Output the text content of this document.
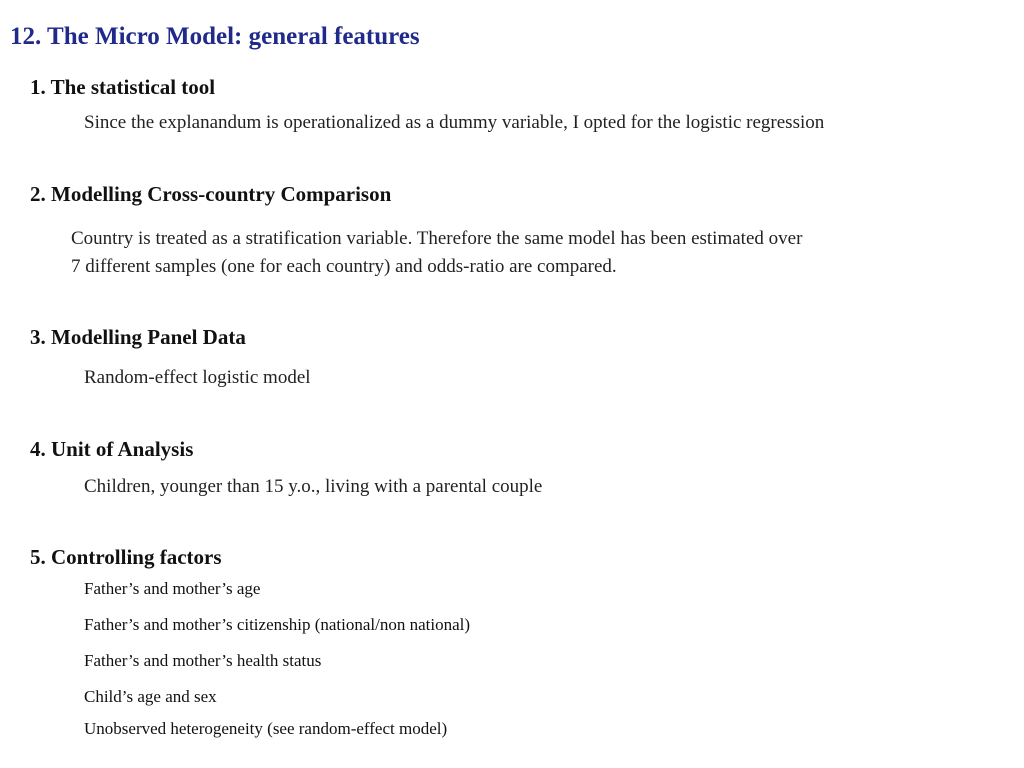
12. The Micro Model: general features
1. The statistical tool
Since the explanandum is operationalized as a dummy variable, I opted for the logistic regression
2. Modelling Cross-country Comparison
Country is treated as a stratification variable. Therefore the same model has been estimated over
7 different samples (one for each country) and odds-ratio are compared.
3. Modelling Panel Data
Random-effect logistic model
4. Unit of Analysis
Children, younger than 15 y.o., living with a parental couple
5. Controlling factors
Father’s and mother’s age
Father’s and mother’s citizenship (national/non national)
Father’s and mother’s health status
Child’s age and sex
Unobserved heterogeneity (see random-effect model)
